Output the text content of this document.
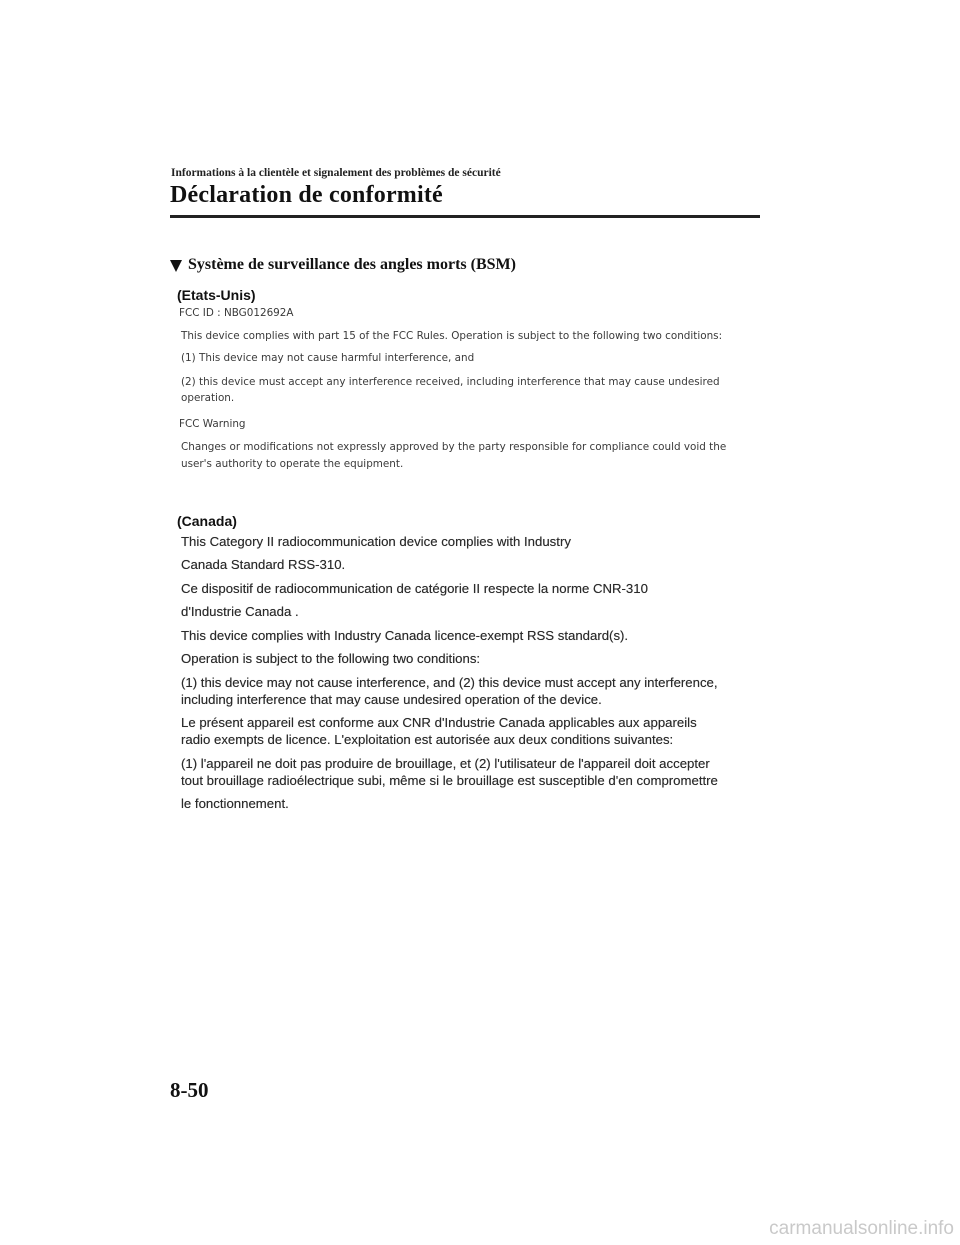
Informations à la clientèle et signalement des problèmes de sécurité
Déclaration de conformité
Système de surveillance des angles morts (BSM)
(Etats-Unis)
FCC ID : NBG012692A
This device complies with part 15 of the FCC Rules. Operation is subject to the following two conditions:
(1) This device may not cause harmful interference, and
(2) this device must accept any interference received, including interference that may cause undesired
operation.
FCC Warning
Changes or modifications not expressly approved by the party responsible for compliance could void the
user's authority to operate the equipment.
(Canada)
This Category II radiocommunication device complies with Industry
Canada Standard RSS-310.
Ce dispositif de radiocommunication de catégorie II respecte la norme CNR-310
d'Industrie Canada .
This device complies with Industry Canada licence-exempt RSS standard(s).
Operation is subject to the following two conditions:
(1) this device may not cause interference, and (2) this device must accept any interference,
including interference that may cause undesired operation of the device.
Le présent appareil est conforme aux CNR d'Industrie Canada applicables aux appareils
radio exempts de licence. L'exploitation est autorisée aux deux conditions suivantes:
(1) l'appareil ne doit pas produire de brouillage, et (2) l'utilisateur de l'appareil doit accepter
tout brouillage radioélectrique subi, même si le brouillage est susceptible d'en compromettre
le fonctionnement.
8-50
carmanualsonline.info
